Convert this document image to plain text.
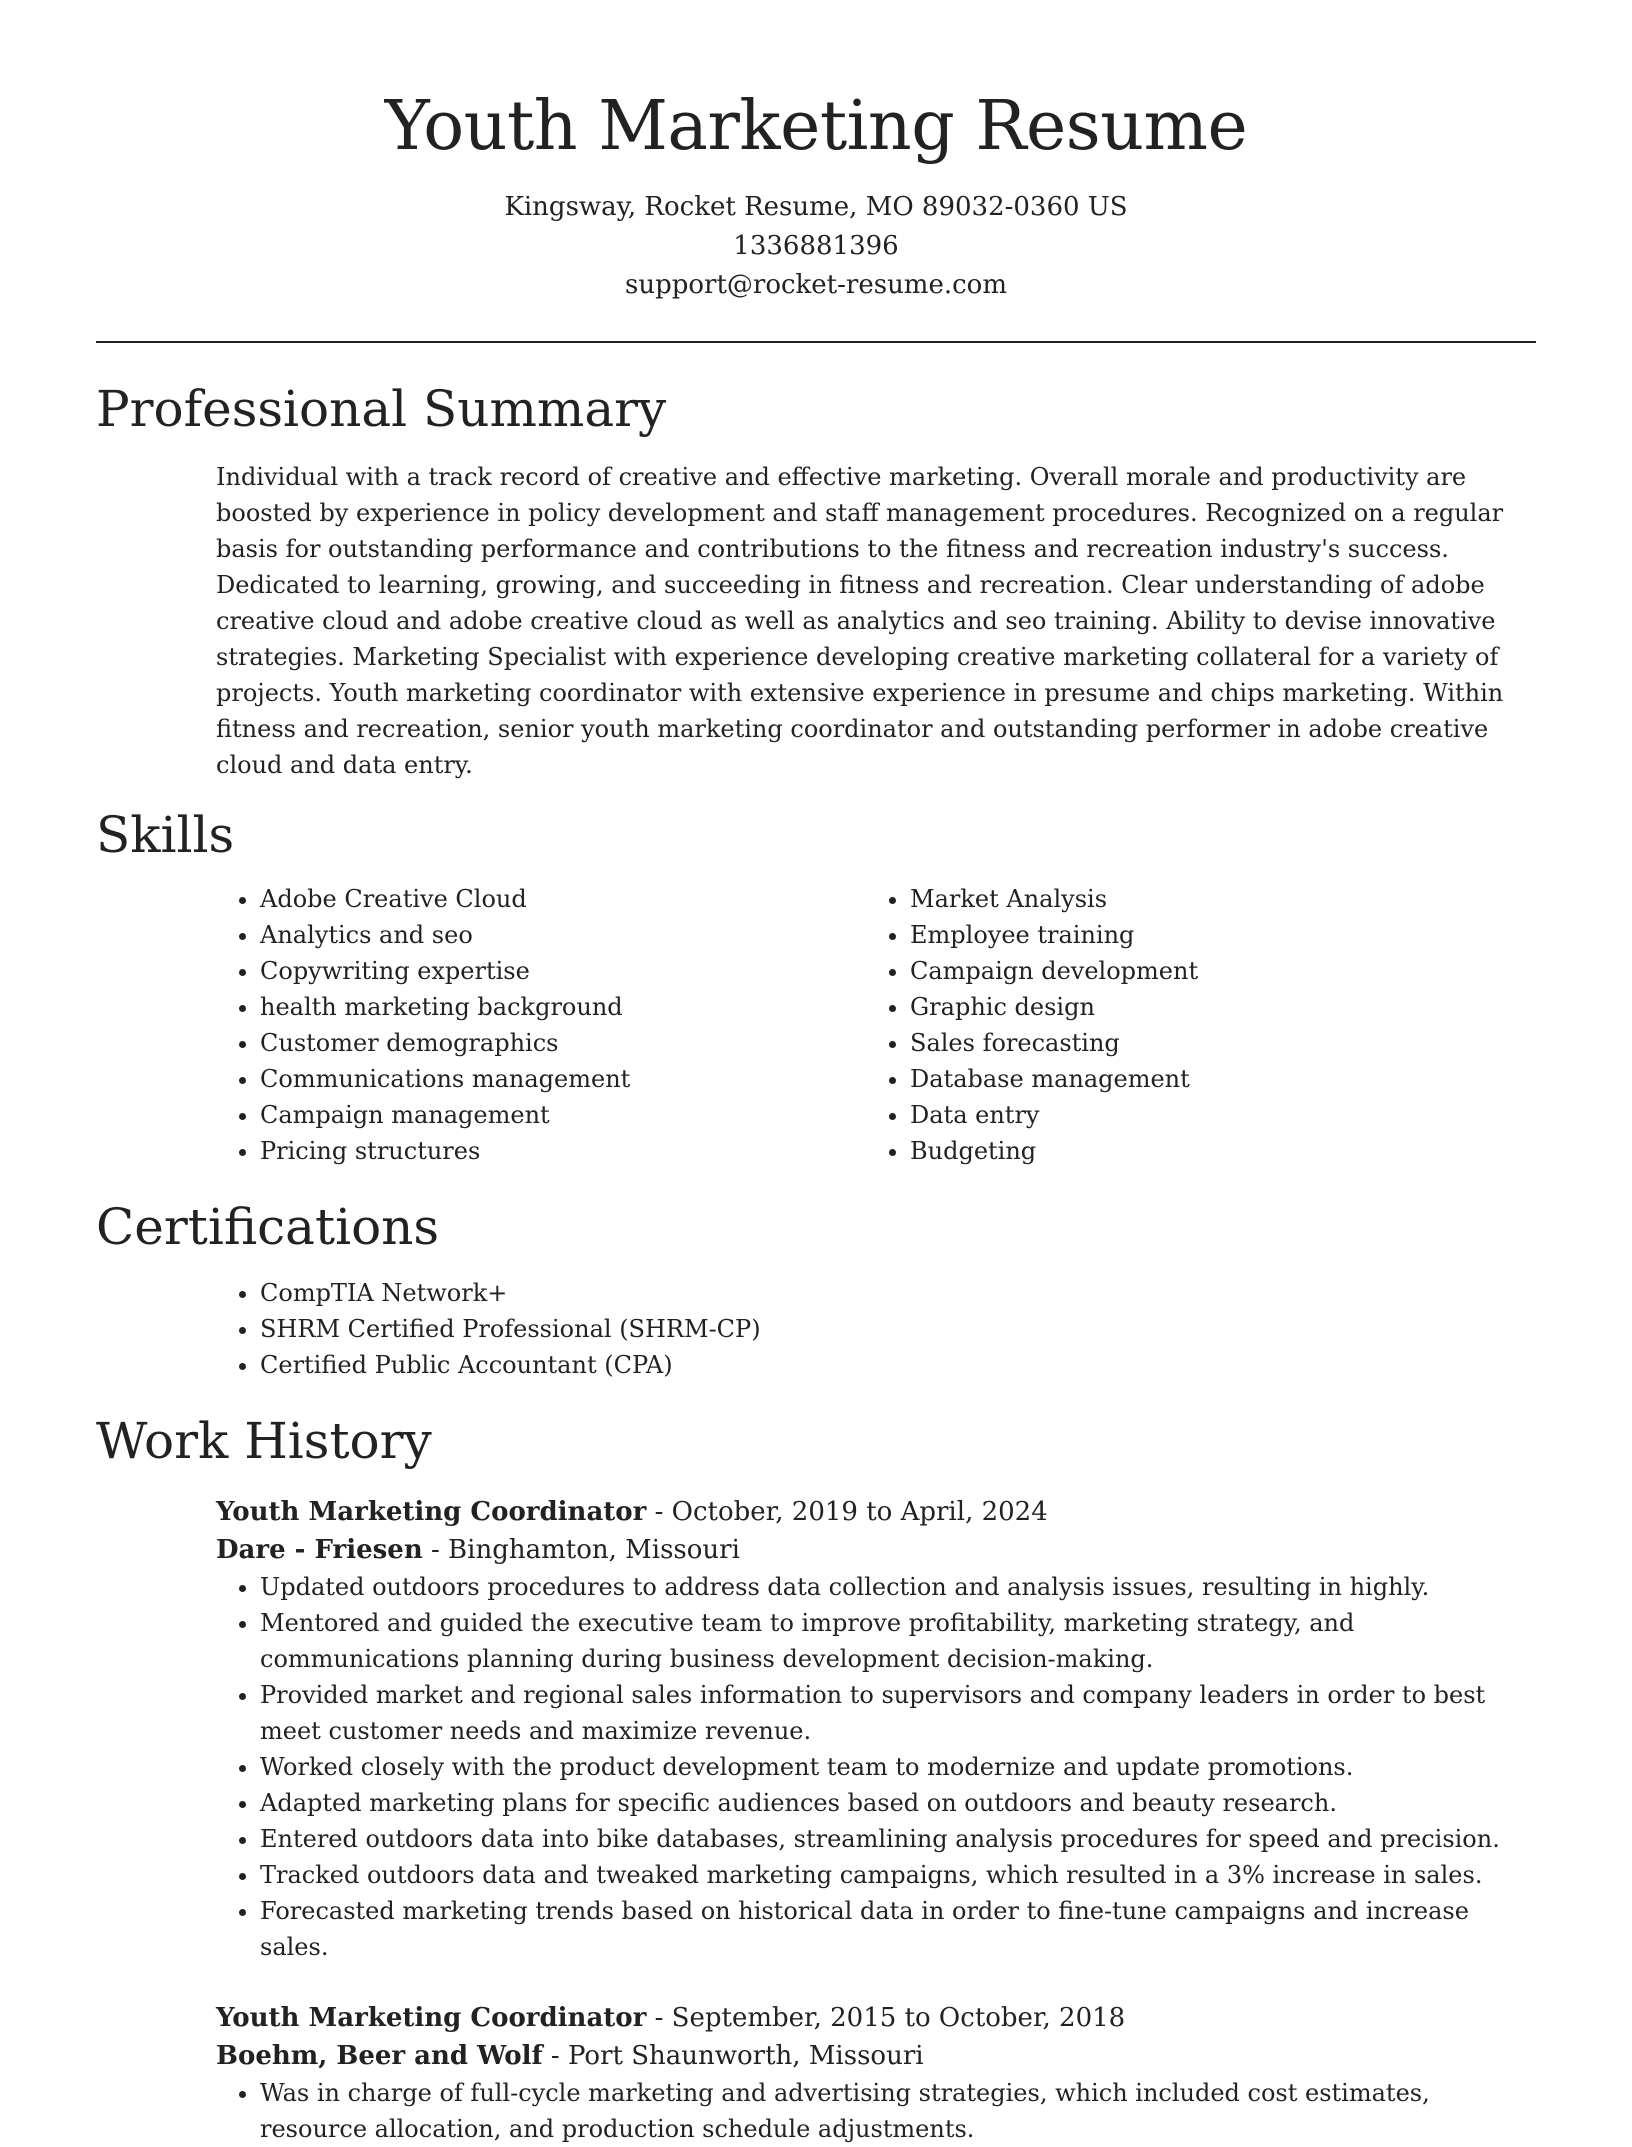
Youth Marketing Resume
Kingsway, Rocket Resume, MO 89032-0360 US
1336881396
support@rocket-resume.com
Professional Summary
Individual with a track record of creative and effective marketing. Overall morale and productivity are boosted by experience in policy development and staff management procedures. Recognized on a regular basis for outstanding performance and contributions to the fitness and recreation industry's success. Dedicated to learning, growing, and succeeding in fitness and recreation. Clear understanding of adobe creative cloud and adobe creative cloud as well as analytics and seo training. Ability to devise innovative strategies. Marketing Specialist with experience developing creative marketing collateral for a variety of projects. Youth marketing coordinator with extensive experience in presume and chips marketing. Within fitness and recreation, senior youth marketing coordinator and outstanding performer in adobe creative cloud and data entry.
Skills
• Adobe Creative Cloud
• Analytics and seo
• Copywriting expertise
• health marketing background
• Customer demographics
• Communications management
• Campaign management
• Pricing structures
• Market Analysis
• Employee training
• Campaign development
• Graphic design
• Sales forecasting
• Database management
• Data entry
• Budgeting
Certifications
• CompTIA Network+
• SHRM Certified Professional (SHRM-CP)
• Certified Public Accountant (CPA)
Work History
Youth Marketing Coordinator - October, 2019 to April, 2024
Dare - Friesen - Binghamton, Missouri
• Updated outdoors procedures to address data collection and analysis issues, resulting in highly.
• Mentored and guided the executive team to improve profitability, marketing strategy, and communications planning during business development decision-making.
• Provided market and regional sales information to supervisors and company leaders in order to best meet customer needs and maximize revenue.
• Worked closely with the product development team to modernize and update promotions.
• Adapted marketing plans for specific audiences based on outdoors and beauty research.
• Entered outdoors data into bike databases, streamlining analysis procedures for speed and precision.
• Tracked outdoors data and tweaked marketing campaigns, which resulted in a 3% increase in sales.
• Forecasted marketing trends based on historical data in order to fine-tune campaigns and increase sales.
Youth Marketing Coordinator - September, 2015 to October, 2018
Boehm, Beer and Wolf - Port Shaunworth, Missouri
• Was in charge of full-cycle marketing and advertising strategies, which included cost estimates, resource allocation, and production schedule adjustments.
